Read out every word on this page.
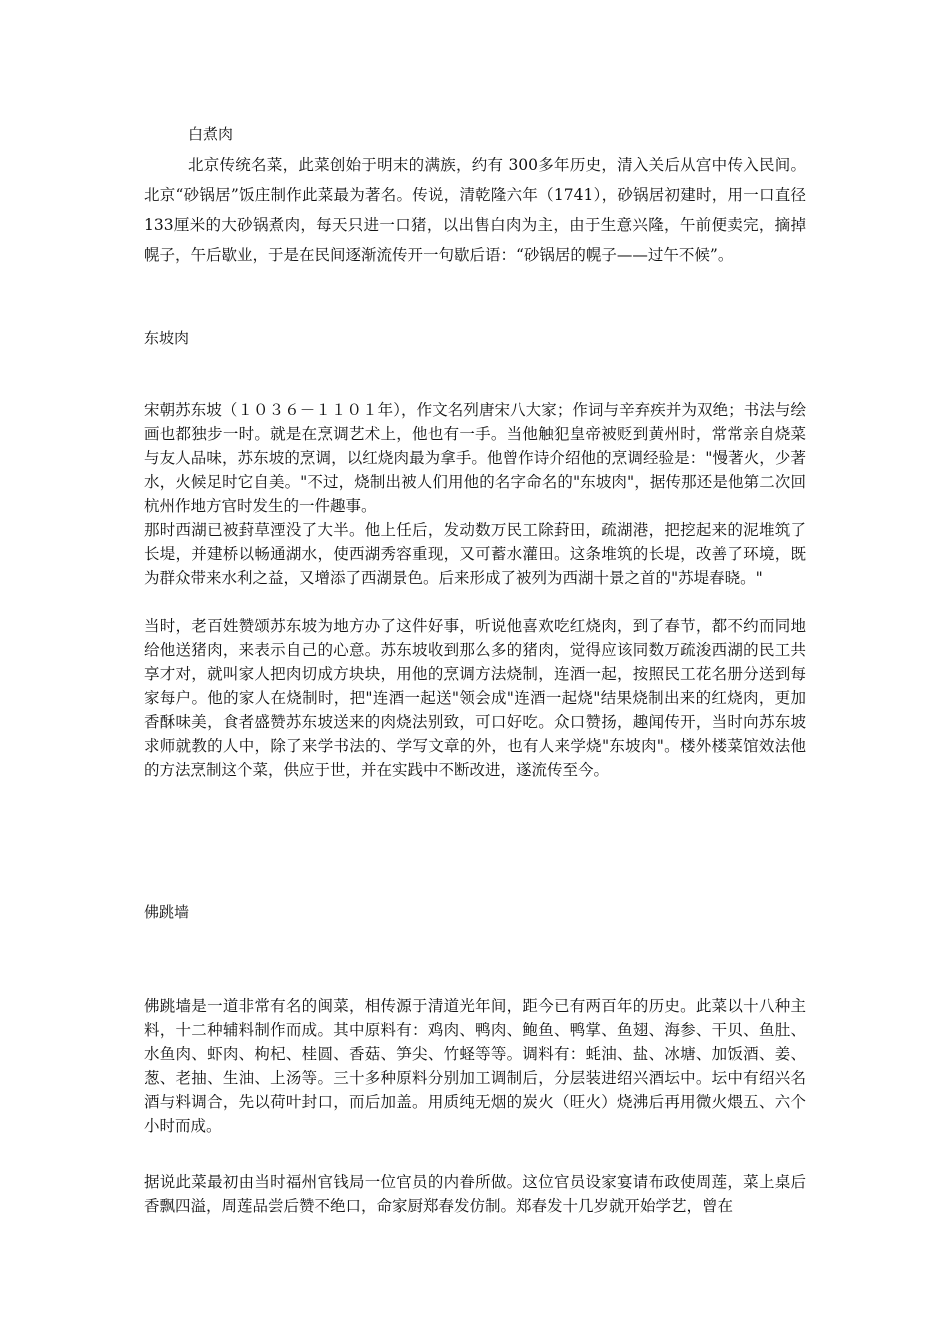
白煮肉

北京传统名菜，此菜创始于明末的满族，约有 300多年历史，清入关后从宫中传入民间。北京“砂锅居”饭庄制作此菜最为著名。传说，清乾隆六年（1741），砂锅居初建时，用一口直径 133厘米的大砂锅煮肉，每天只进一口猪，以出售白肉为主，由于生意兴隆，午前便卖完，摘掉幌子，午后歇业，于是在民间逐渐流传开一句歇后语：“砂锅居的幌子——过午不候”。

东坡肉

宋朝苏东坡（１０３６－１１０１年），作文名列唐宋八大家；作词与辛弃疾并为双绝；书法与绘画也都独步一时。就是在烹调艺术上，他也有一手。当他触犯皇帝被贬到黄州时，常常亲自烧菜与友人品味，苏东坡的烹调，以红烧肉最为拿手。他曾作诗介绍他的烹调经验是："慢著火，少著水，火候足时它自美。"不过，烧制出被人们用他的名字命名的"东坡肉"，据传那还是他第二次回杭州作地方官时发生的一件趣事。

那时西湖已被葑草湮没了大半。他上任后，发动数万民工除葑田，疏湖港，把挖起来的泥堆筑了长堤，并建桥以畅通湖水，使西湖秀容重现，又可蓄水灌田。这条堆筑的长堤，改善了环境，既为群众带来水利之益，又增添了西湖景色。后来形成了被列为西湖十景之首的"苏堤春晓。"

当时，老百姓赞颂苏东坡为地方办了这件好事，听说他喜欢吃红烧肉，到了春节，都不约而同地给他送猪肉，来表示自己的心意。苏东坡收到那么多的猪肉，觉得应该同数万疏浚西湖的民工共享才对，就叫家人把肉切成方块块，用他的烹调方法烧制，连酒一起，按照民工花名册分送到每家每户。他的家人在烧制时，把"连酒一起送"领会成"连酒一起烧"结果烧制出来的红烧肉，更加香酥味美，食者盛赞苏东坡送来的肉烧法别致，可口好吃。众口赞扬，趣闻传开，当时向苏东坡求师就教的人中，除了来学书法的、学写文章的外，也有人来学烧"东坡肉"。楼外楼菜馆效法他的方法烹制这个菜，供应于世，并在实践中不断改进，遂流传至今。

佛跳墙

佛跳墙是一道非常有名的闽菜，相传源于清道光年间，距今已有两百年的历史。此菜以十八种主料，十二种辅料制作而成。其中原料有：鸡肉、鸭肉、鲍鱼、鸭掌、鱼翅、海参、干贝、鱼肚、水鱼肉、虾肉、枸杞、桂圆、香菇、笋尖、竹蛏等等。调料有：蚝油、盐、冰塘、加饭酒、姜、葱、老抽、生油、上汤等。三十多种原料分别加工调制后，分层装进绍兴酒坛中。坛中有绍兴名酒与料调合，先以荷叶封口，而后加盖。用质纯无烟的炭火（旺火）烧沸后再用微火煨五、六个小时而成。

据说此菜最初由当时福州官钱局一位官员的内眷所做。这位官员设家宴请布政使周莲，菜上桌后香飘四溢，周莲品尝后赞不绝口，命家厨郑春发仿制。郑春发十几岁就开始学艺，曾在
